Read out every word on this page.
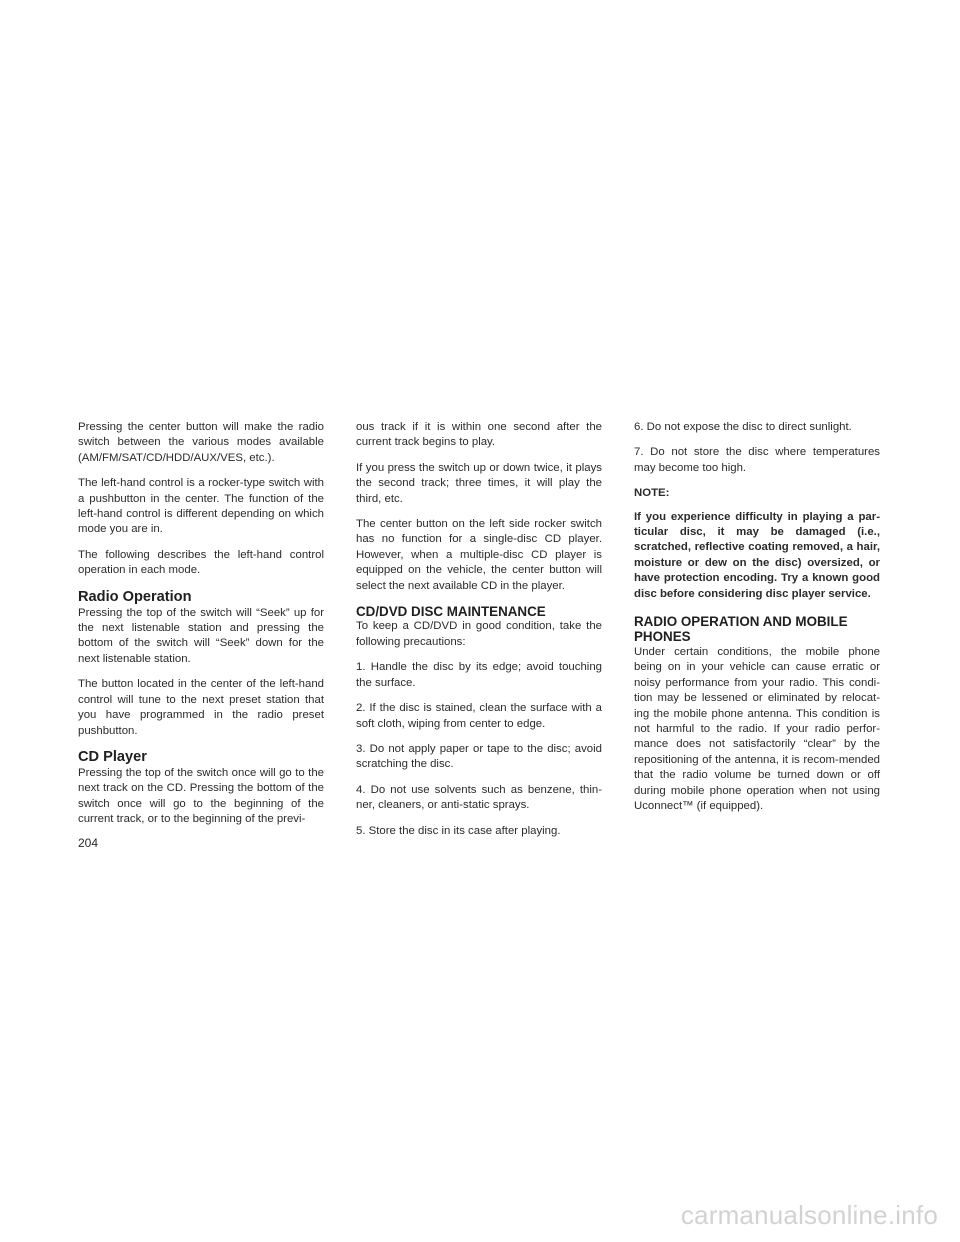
Pressing the center button will make the radio switch between the various modes available (AM/FM/SAT/CD/HDD/AUX/VES, etc.).

The left-hand control is a rocker-type switch with a pushbutton in the center. The function of the left-hand control is different depending on which mode you are in.

The following describes the left-hand control operation in each mode.

Radio Operation

Pressing the top of the switch will “Seek” up for the next listenable station and pressing the bottom of the switch will “Seek” down for the next listenable station.

The button located in the center of the left-hand control will tune to the next preset station that you have programmed in the radio preset pushbutton.

CD Player

Pressing the top of the switch once will go to the next track on the CD. Pressing the bottom of the switch once will go to the beginning of the current track, or to the beginning of the previ-

ous track if it is within one second after the current track begins to play.

If you press the switch up or down twice, it plays the second track; three times, it will play the third, etc.

The center button on the left side rocker switch has no function for a single-disc CD player. However, when a multiple-disc CD player is equipped on the vehicle, the center button will select the next available CD in the player.

CD/DVD DISC MAINTENANCE

To keep a CD/DVD in good condition, take the following precautions:

1. Handle the disc by its edge; avoid touching the surface.

2. If the disc is stained, clean the surface with a soft cloth, wiping from center to edge.

3. Do not apply paper or tape to the disc; avoid scratching the disc.

4. Do not use solvents such as benzene, thin-ner, cleaners, or anti-static sprays.

5. Store the disc in its case after playing.

6. Do not expose the disc to direct sunlight.

7. Do not store the disc where temperatures may become too high.

NOTE:

If you experience difficulty in playing a par-ticular disc, it may be damaged (i.e., scratched, reflective coating removed, a hair, moisture or dew on the disc) oversized, or have protection encoding. Try a known good disc before considering disc player service.

RADIO OPERATION AND MOBILE
PHONES

Under certain conditions, the mobile phone being on in your vehicle can cause erratic or noisy performance from your radio. This condi-tion may be lessened or eliminated by relocat-ing the mobile phone antenna. This condition is not harmful to the radio. If your radio perfor-mance does not satisfactorily “clear” by the repositioning of the antenna, it is recom-mended that the radio volume be turned down or off during mobile phone operation when not using Uconnect™ (if equipped).

204
carmanualsonline.info
